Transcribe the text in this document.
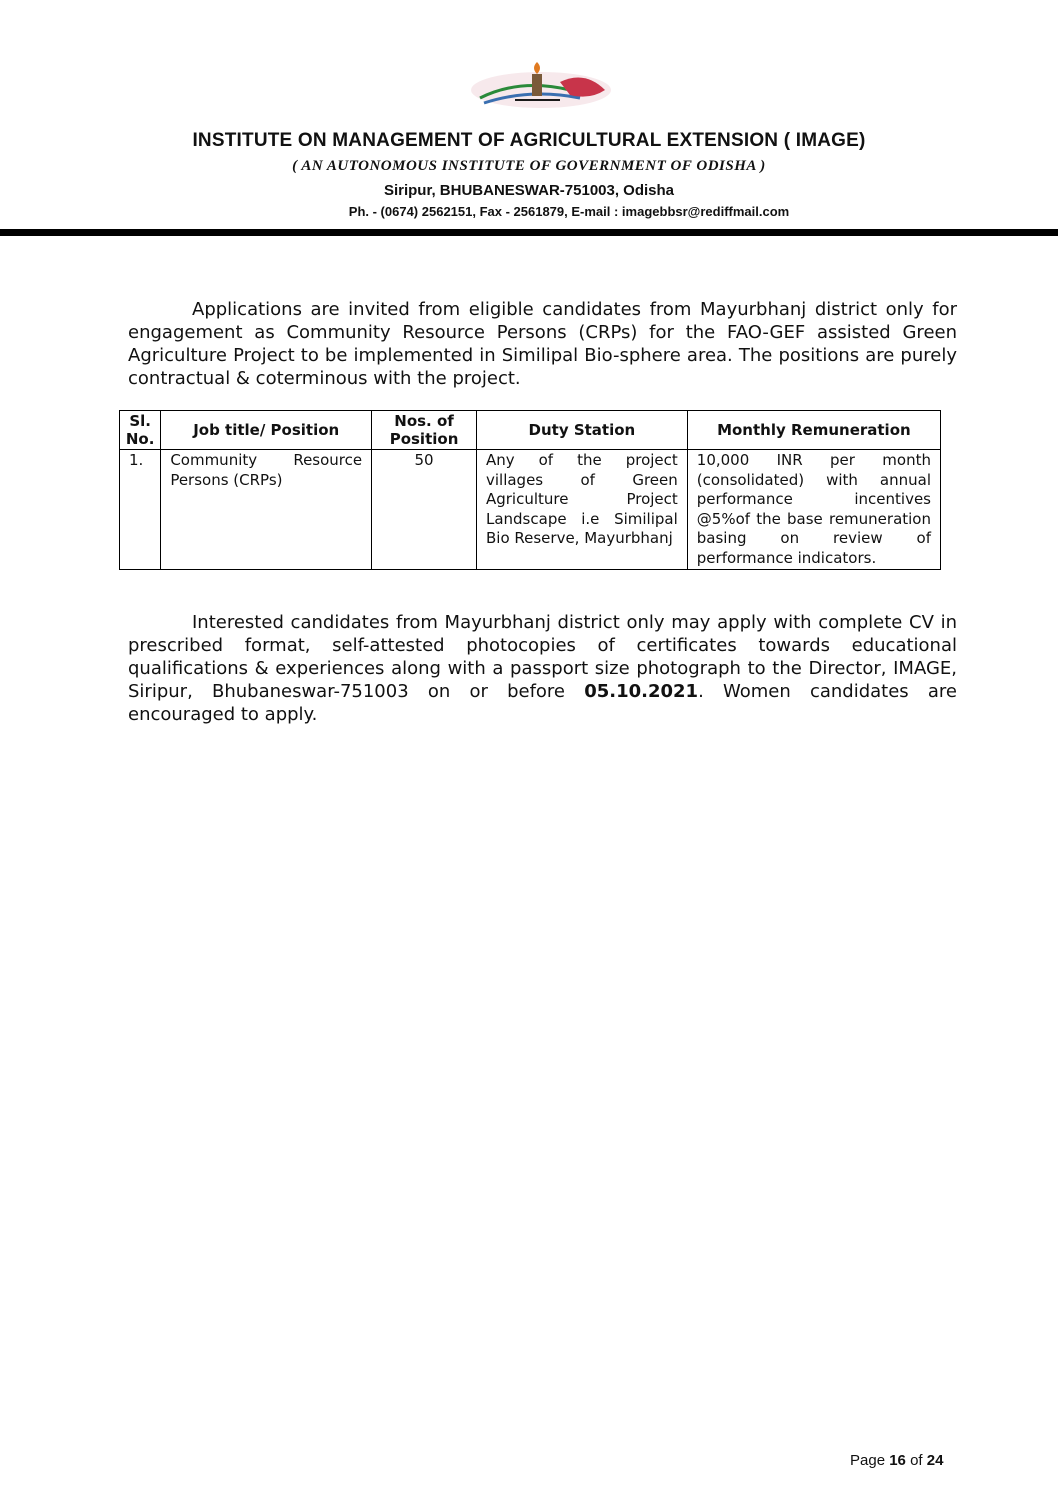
INSTITUTE ON MANAGEMENT OF AGRICULTURAL EXTENSION ( IMAGE)
( AN AUTONOMOUS INSTITUTE OF GOVERNMENT OF ODISHA )
Siripur, BHUBANESWAR-751003, Odisha
Ph. - (0674) 2562151, Fax - 2561879, E-mail : imagebbsr@rediffmail.com

Applications are invited from eligible candidates from Mayurbhanj district only for engagement as Community Resource Persons (CRPs) for the FAO-GEF assisted Green Agriculture Project to be implemented in Similipal Bio-sphere area. The positions are purely contractual & coterminous with the project.

Sl. No.	Job title/ Position	Nos. of Position	Duty Station	Monthly Remuneration
1.	Community Resource Persons (CRPs)	50	Any of the project villages of Green Agriculture Project Landscape i.e Similipal Bio Reserve, Mayurbhanj	10,000 INR per month (consolidated) with annual performance incentives @5%of the base remuneration basing on review of performance indicators.

Interested candidates from Mayurbhanj district only may apply with complete CV in prescribed format, self-attested photocopies of certificates towards educational qualifications & experiences along with a passport size photograph to the Director, IMAGE, Siripur, Bhubaneswar-751003 on or before 05.10.2021. Women candidates are encouraged to apply.

Page 16 of 24
